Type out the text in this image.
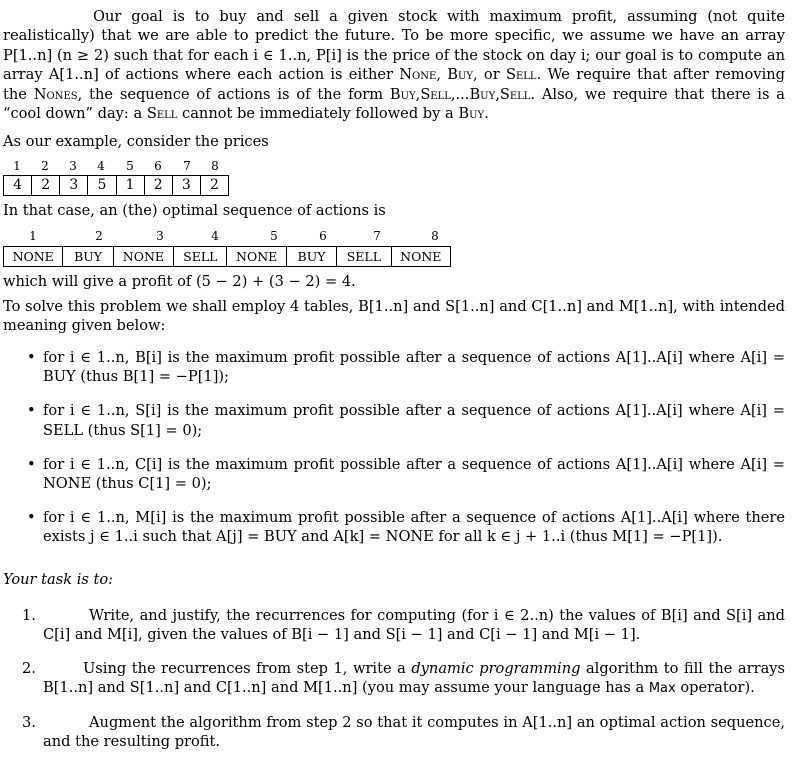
Our goal is to buy and sell a given stock with maximum profit, assuming (not quite realistically) that we are able to predict the future. To be more specific, we assume we have an array P[1..n] (n ≥ 2) such that for each i ∈ 1..n, P[i] is the price of the stock on day i; our goal is to compute an array A[1..n] of actions where each action is either None, Buy, or Sell. We require that after removing the Nones, the sequence of actions is of the form Buy,Sell,...Buy,Sell. Also, we require that there is a “cool down” day: a Sell cannot be immediately followed by a Buy.
As our example, consider the prices
1	2	3	4	5	6	7	8
4	2	3	5	1	2	3	2
In that case, an (the) optimal sequence of actions is
1	2	3	4	5	6	7	8
NONE	BUY	NONE	SELL	NONE	BUY	SELL	NONE
which will give a profit of (5 − 2) + (3 − 2) = 4.
To solve this problem we shall employ 4 tables, B[1..n] and S[1..n] and C[1..n] and M[1..n], with intended meaning given below:
• for i ∈ 1..n, B[i] is the maximum profit possible after a sequence of actions A[1]..A[i] where A[i] = BUY (thus B[1] = −P[1]);
• for i ∈ 1..n, S[i] is the maximum profit possible after a sequence of actions A[1]..A[i] where A[i] = SELL (thus S[1] = 0);
• for i ∈ 1..n, C[i] is the maximum profit possible after a sequence of actions A[1]..A[i] where A[i] = NONE (thus C[1] = 0);
• for i ∈ 1..n, M[i] is the maximum profit possible after a sequence of actions A[1]..A[i] where there exists j ∈ 1..i such that A[j] = BUY and A[k] = NONE for all k ∈ j + 1..i (thus M[1] = −P[1]).
Your task is to:
1.	Write, and justify, the recurrences for computing (for i ∈ 2..n) the values of B[i] and S[i] and C[i] and M[i], given the values of B[i − 1] and S[i − 1] and C[i − 1] and M[i − 1].
2.	Using the recurrences from step 1, write a dynamic programming algorithm to fill the arrays B[1..n] and S[1..n] and C[1..n] and M[1..n] (you may assume your language has a Max operator).
3.	Augment the algorithm from step 2 so that it computes in A[1..n] an optimal action sequence, and the resulting profit.
